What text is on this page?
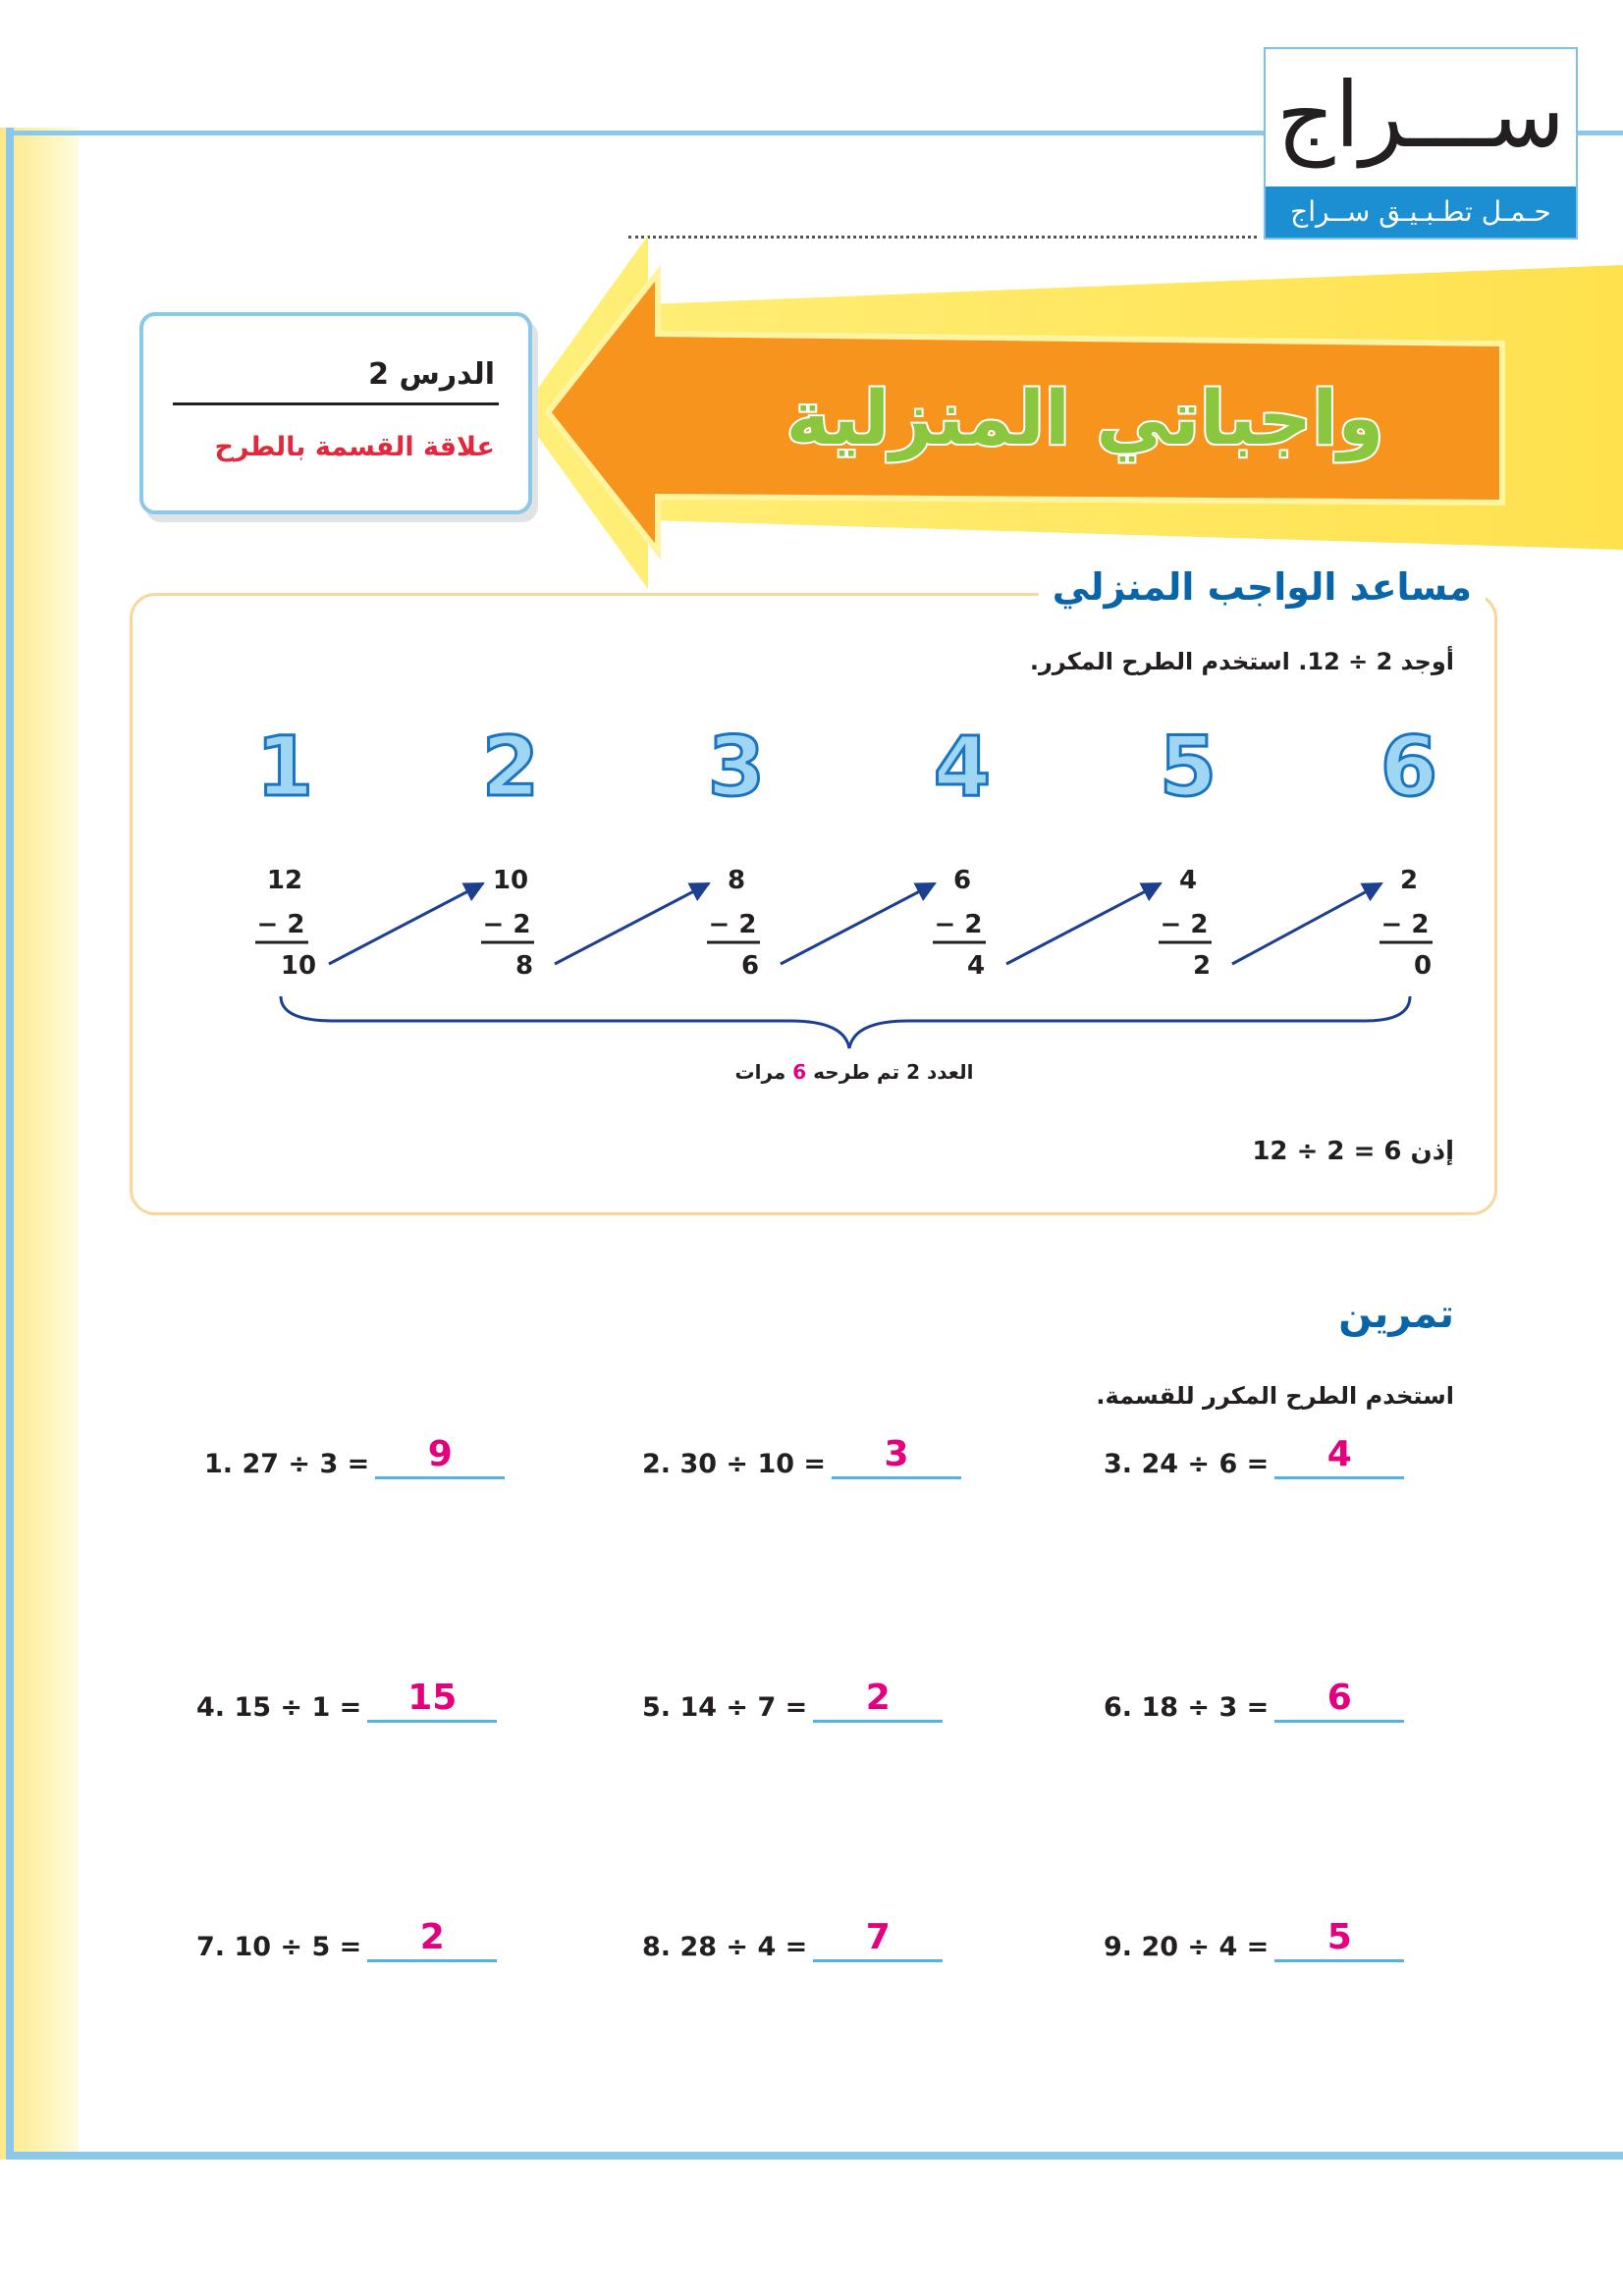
ســـراج
حـمـل تطـبـيـق ســراج
واجباتي المنزلية
الدرس 2
علاقة القسمة بالطرح
مساعد الواجب المنزلي
أوجد 2 ÷ 12. استخدم الطرح المكرر.
1
12
− 2
10
2
10
− 2
8
3
8
− 2
6
4
6
− 2
4
5
4
− 2
2
6
2
− 2
0
العدد 2 تم طرحه 6 مرات
إذن 6 = 2 ÷ 12
تمرين
استخدم الطرح المكرر للقسمة.
1. 27 ÷ 3 =	9	2. 30 ÷ 10 =	3	3. 24 ÷ 6 =	4
4. 15 ÷ 1 =	15	5. 14 ÷ 7 =	2	6. 18 ÷ 3 =	6
7. 10 ÷ 5 =	2	8. 28 ÷ 4 =	7	9. 20 ÷ 4 =	5
